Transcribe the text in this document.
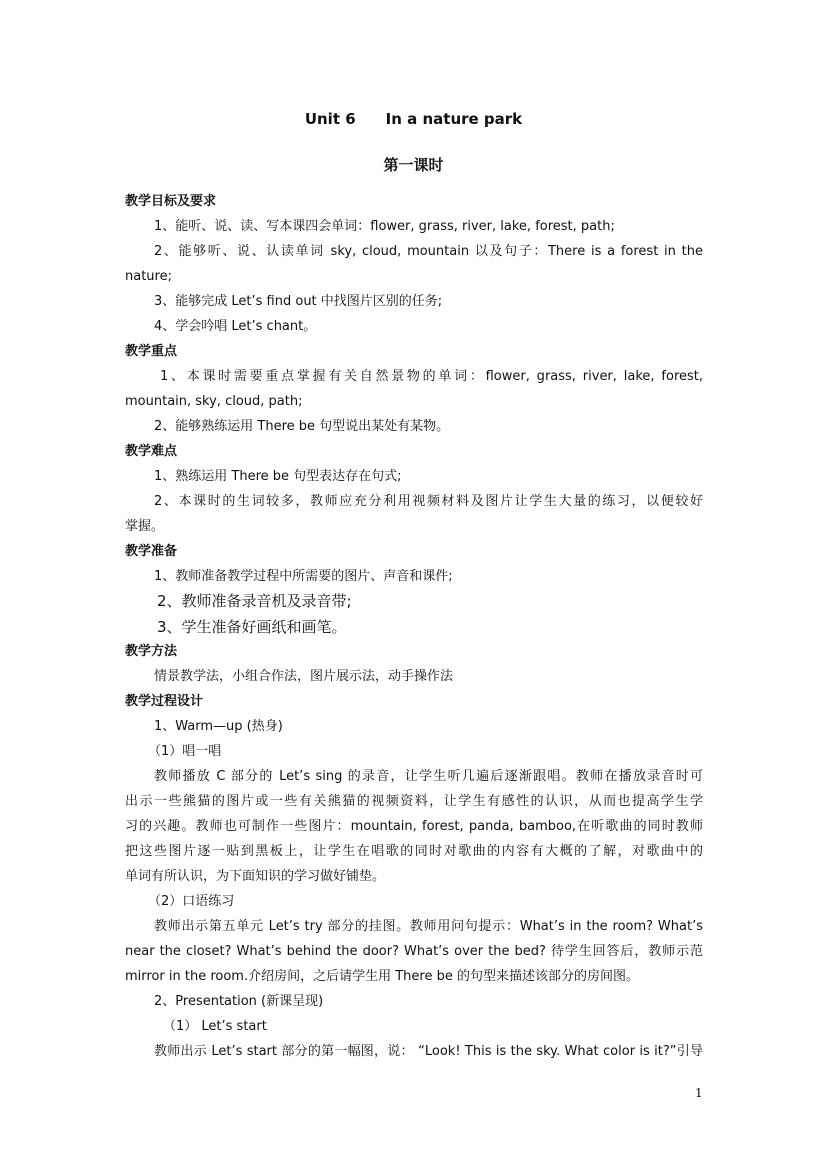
Unit 6 In a nature park
第一课时
教学目标及要求
1、能听、说、读、写本课四会单词：flower, grass, river, lake, forest, path;
2、能够听、说、认读单词 sky, cloud, mountain 以及句子：There is a forest in the
nature;
3、能够完成 Let’s find out 中找图片区别的任务;
4、学会吟唱 Let’s chant。
教学重点
1、本课时需要重点掌握有关自然景物的单词：flower, grass, river, lake, forest,
mountain, sky, cloud, path;
2、能够熟练运用 There be 句型说出某处有某物。
教学难点
1、熟练运用 There be 句型表达存在句式;
2、本课时的生词较多，教师应充分利用视频材料及图片让学生大量的练习，以便较好
掌握。
教学准备
1、教师准备教学过程中所需要的图片、声音和课件;
2、教师准备录音机及录音带;
3、学生准备好画纸和画笔。
教学方法
情景教学法，小组合作法，图片展示法，动手操作法
教学过程设计
1、Warm—up (热身)
（1）唱一唱
教师播放 C 部分的 Let’s sing 的录音，让学生听几遍后逐渐跟唱。教师在播放录音时可
出示一些熊猫的图片或一些有关熊猫的视频资料，让学生有感性的认识，从而也提高学生学
习的兴趣。教师也可制作一些图片：mountain, forest, panda, bamboo,在听歌曲的同时教师
把这些图片逐一贴到黑板上，让学生在唱歌的同时对歌曲的内容有大概的了解，对歌曲中的
单词有所认识，为下面知识的学习做好铺垫。
（2）口语练习
教师出示第五单元 Let’s try 部分的挂图。教师用问句提示：What’s in the room? What’s
near the closet? What’s behind the door? What’s over the bed? 待学生回答后，教师示范
mirror in the room.介绍房间，之后请学生用 There be 的句型来描述该部分的房间图。
2、Presentation (新课呈现)
（1） Let’s start
教师出示 Let’s start 部分的第一幅图，说： “Look! This is the sky. What color is it?”引导
1
